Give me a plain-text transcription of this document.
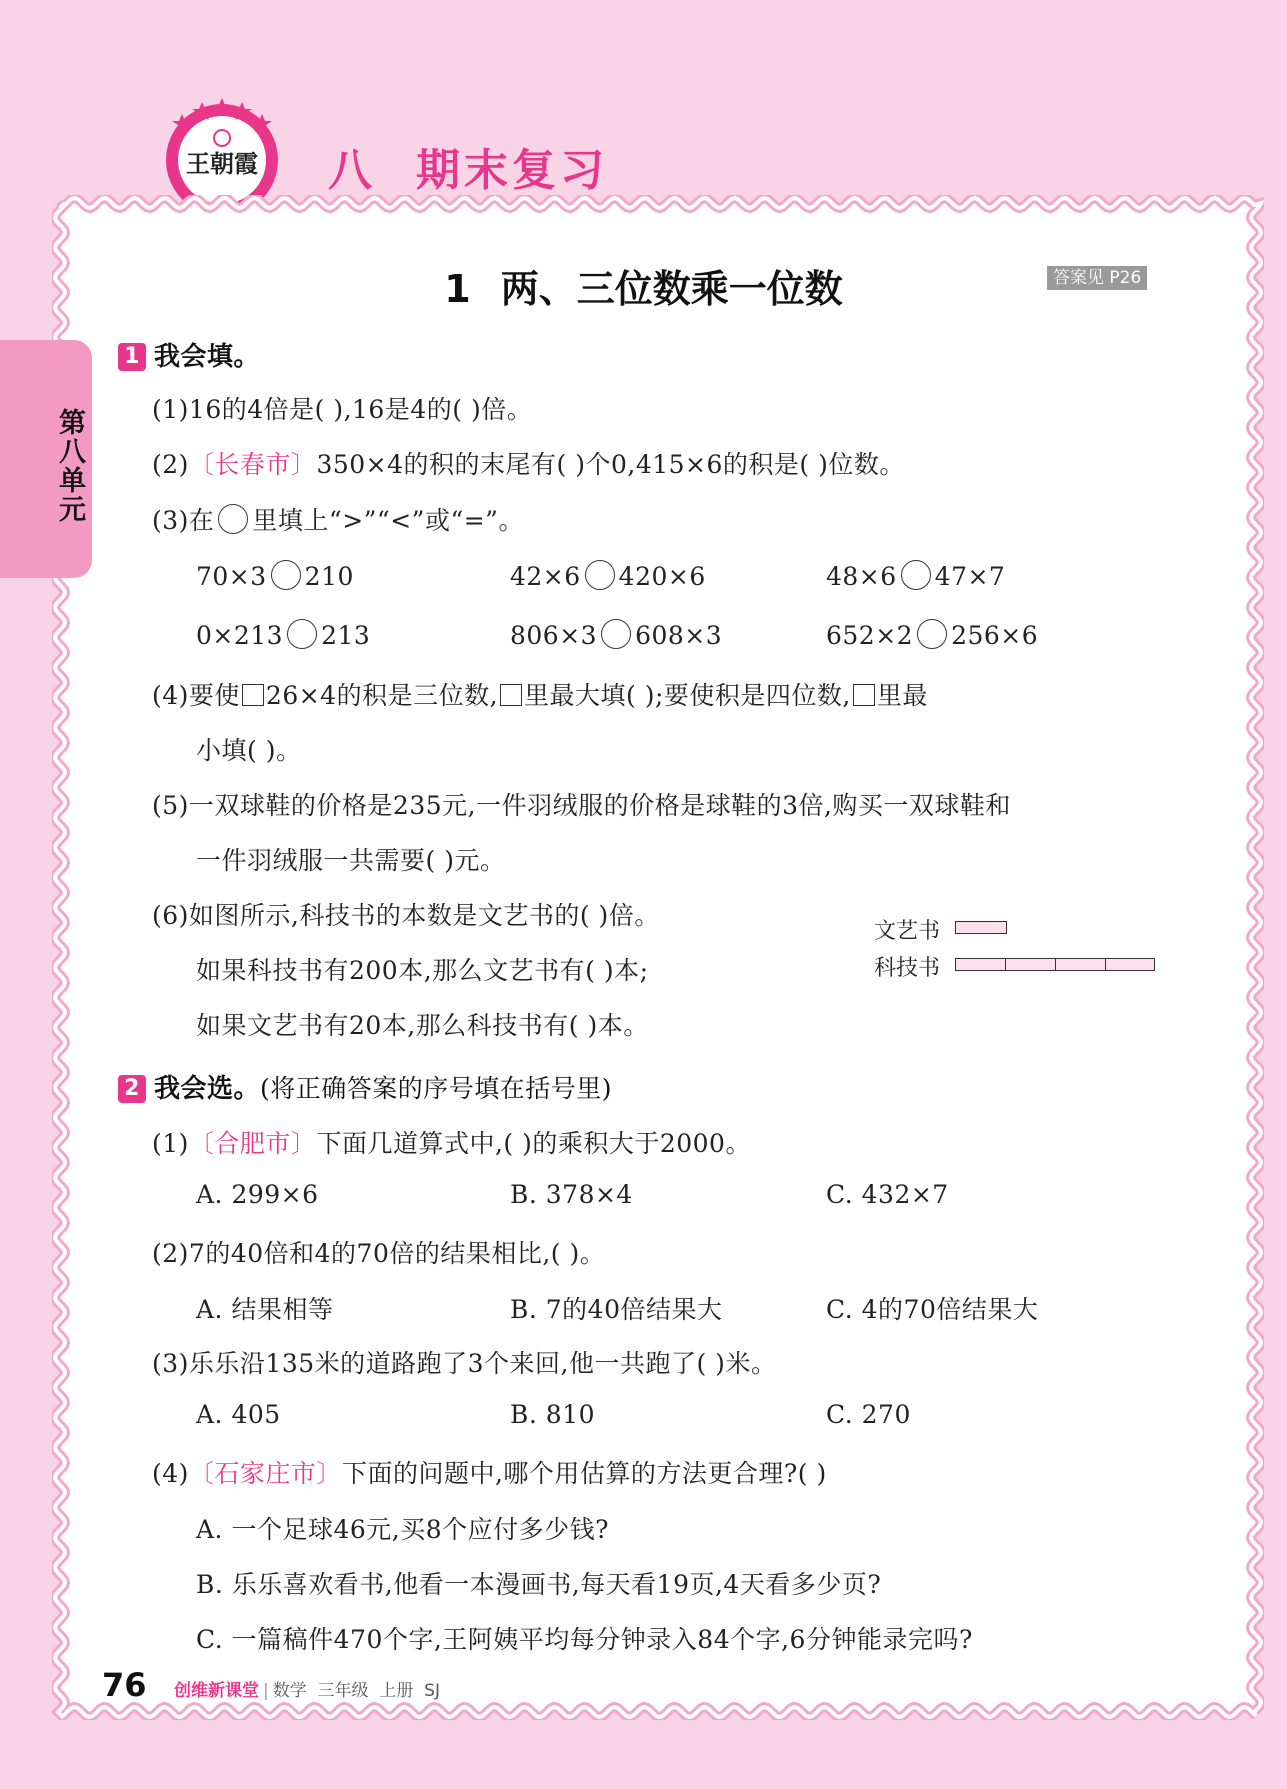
王朝霞	八 期末复习
第八单元
1 两、三位数乘一位数	答案见 P26
1 我会填。
(1)16的4倍是( ),16是4的( )倍。
(2)〔长春市〕350×4的积的末尾有( )个0,415×6的积是( )位数。
(3)在 里填上“>”“<”或“=”。
70×3 210	42×6 420×6	48×6 47×7
0×213 213	806×3 608×3	652×2 256×6
(4)要使 26×4的积是三位数, 里最大填( );要使积是四位数, 里最
小填( )。
(5)一双球鞋的价格是235元,一件羽绒服的价格是球鞋的3倍,购买一双球鞋和
一件羽绒服一共需要( )元。
(6)如图所示,科技书的本数是文艺书的( )倍。
如果科技书有200本,那么文艺书有( )本;
如果文艺书有20本,那么科技书有( )本。
文艺书
科技书
2 我会选。(将正确答案的序号填在括号里)
(1)〔合肥市〕下面几道算式中,( )的乘积大于2000。
A. 299×6	B. 378×4	C. 432×7
(2)7的40倍和4的70倍的结果相比,( )。
A. 结果相等	B. 7的40倍结果大	C. 4的70倍结果大
(3)乐乐沿135米的道路跑了3个来回,他一共跑了( )米。
A. 405	B. 810	C. 270
(4)〔石家庄市〕下面的问题中,哪个用估算的方法更合理?( )
A. 一个足球46元,买8个应付多少钱?
B. 乐乐喜欢看书,他看一本漫画书,每天看19页,4天看多少页?
C. 一篇稿件470个字,王阿姨平均每分钟录入84个字,6分钟能录完吗?
76 创维新课堂 | 数学 三年级 上册 SJ
